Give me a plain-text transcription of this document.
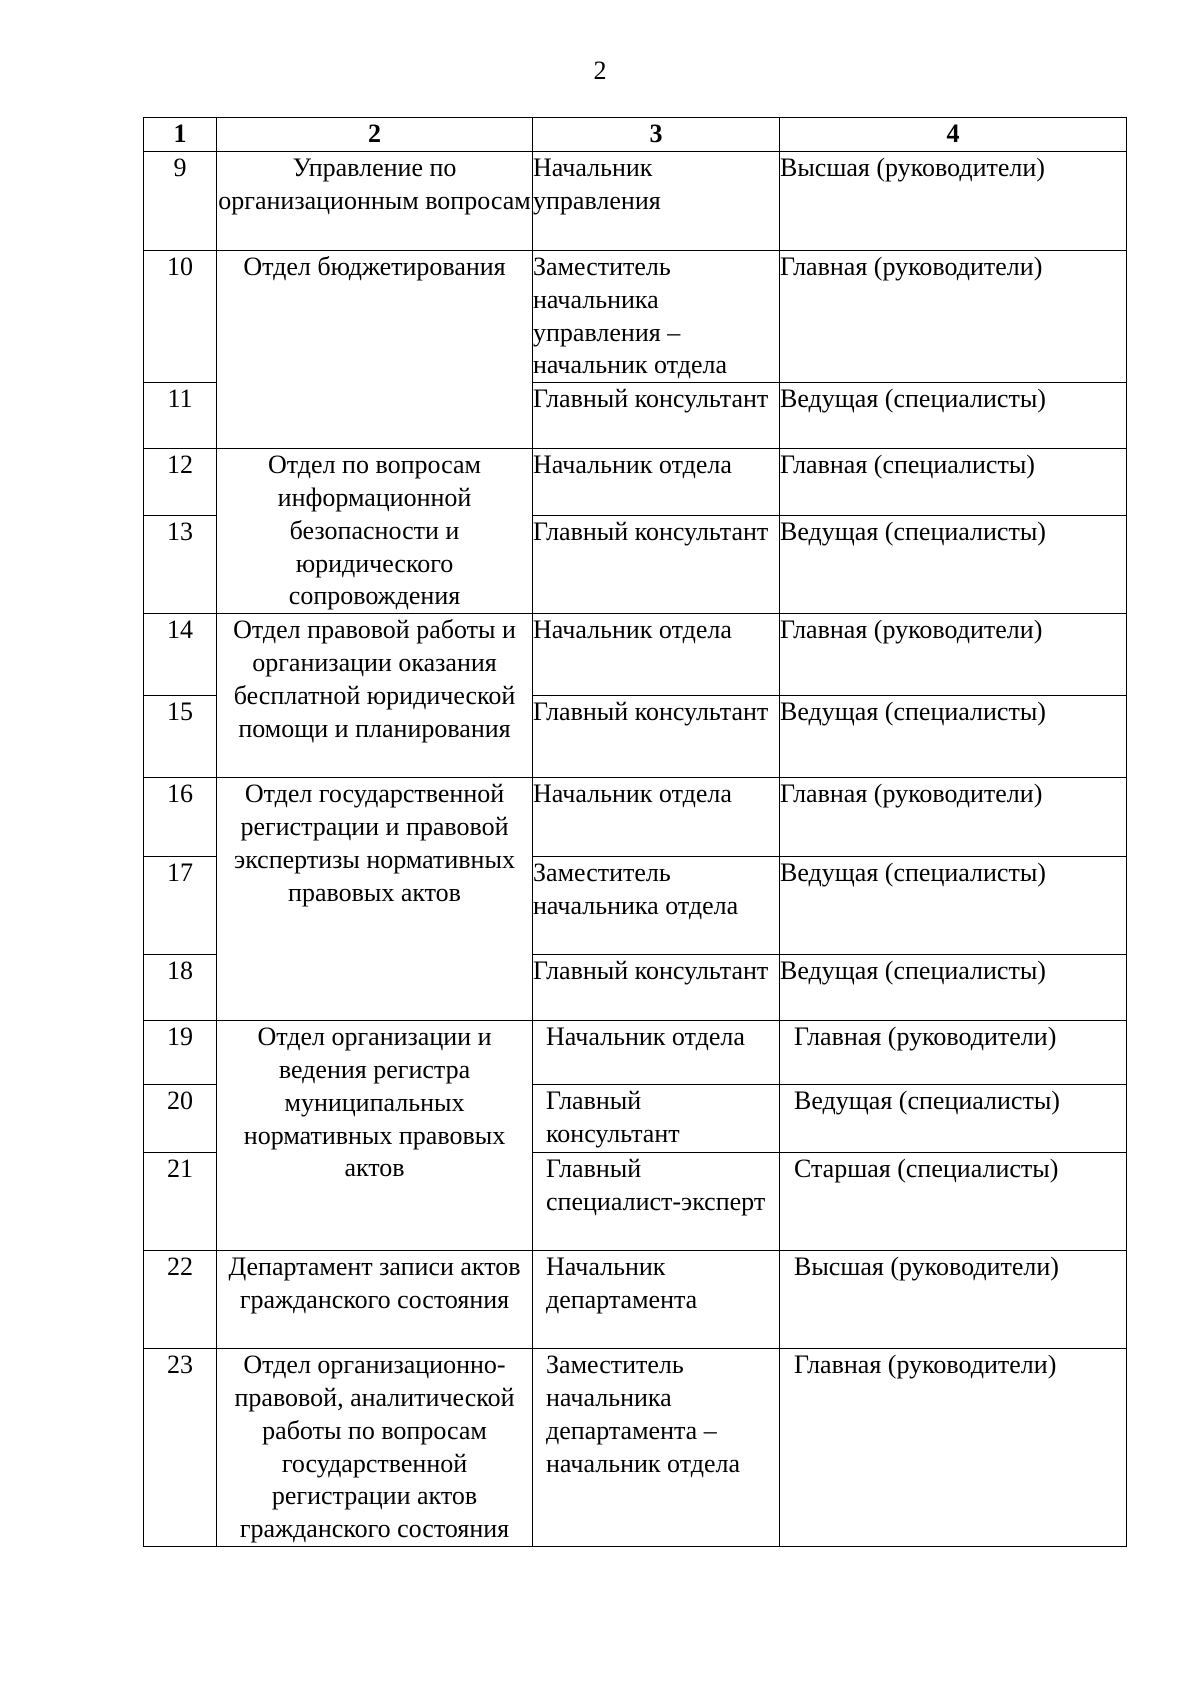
2
1	2	3	4
9	Управление по организационным вопросам	Начальник управления	Высшая (руководители)
10	Отдел бюджетирования	Заместитель начальника управления – начальник отдела	Главная (руководители)
11		Главный консультант	Ведущая (специалисты)
12	Отдел по вопросам информационной безопасности и юридического сопровождения	Начальник отдела	Главная (специалисты)
13		Главный консультант	Ведущая (специалисты)
14	Отдел правовой работы и организации оказания бесплатной юридической помощи и планирования	Начальник отдела	Главная (руководители)
15		Главный консультант	Ведущая (специалисты)
16	Отдел государственной регистрации и правовой экспертизы нормативных правовых актов	Начальник отдела	Главная (руководители)
17		Заместитель начальника отдела	Ведущая (специалисты)
18		Главный консультант	Ведущая (специалисты)
19	Отдел организации и ведения регистра муниципальных нормативных правовых актов	Начальник отдела	Главная (руководители)
20		Главный консультант	Ведущая (специалисты)
21		Главный специалист-эксперт	Старшая (специалисты)
22	Департамент записи актов гражданского состояния	Начальник департамента	Высшая (руководители)
23	Отдел организационно-правовой, аналитической работы по вопросам государственной регистрации актов гражданского состояния	Заместитель начальника департамента – начальник отдела	Главная (руководители)
